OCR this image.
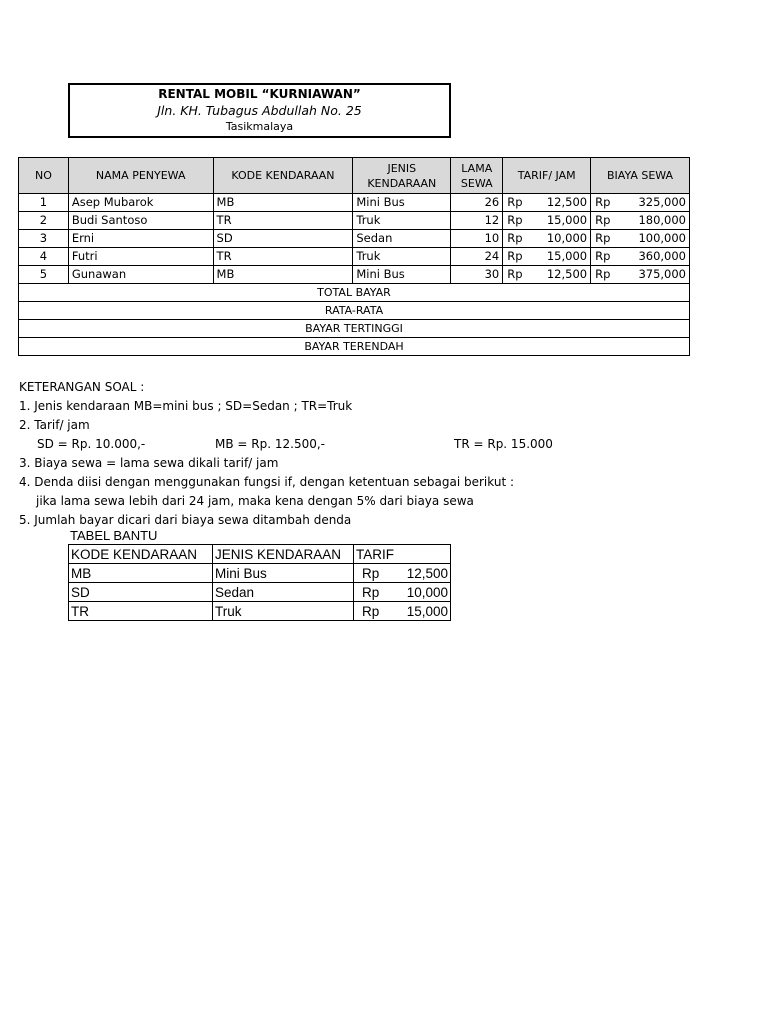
RENTAL MOBIL “KURNIAWAN”
Jln. KH. Tubagus Abdullah No. 25
Tasikmalaya
NO	NAMA PENYEWA	KODE KENDARAAN	JENIS KENDARAAN	LAMA SEWA	TARIF/ JAM	BIAYA SEWA
1	Asep Mubarok	MB	Mini Bus	26	Rp 12,500	Rp 325,000

2	Budi Santoso	TR	Truk	12	Rp 15,000	Rp 180,000

3	Erni	SD	Sedan	10	Rp 10,000	Rp 100,000

4	Futri	TR	Truk	24	Rp 15,000	Rp 360,000

5	Gunawan	MB	Mini Bus	30	Rp 12,500	Rp 375,000

TOTAL BAYAR						
RATA-RATA						
BAYAR TERTINGGI						
BAYAR TERENDAH						
KETERANGAN SOAL :
1. Jenis kendaraan MB=mini bus ; SD=Sedan ; TR=Truk
2. Tarif/ jam
SD = Rp. 10.000,-	MB = Rp. 12.500,-	TR = Rp. 15.000
3. Biaya sewa = lama sewa dikali tarif/ jam
4. Denda diisi dengan menggunakan fungsi if, dengan ketentuan sebagai berikut :
jika lama sewa lebih dari 24 jam, maka kena dengan 5% dari biaya sewa
5. Jumlah bayar dicari dari biaya sewa ditambah denda
TABEL BANTU
KODE KENDARAAN	JENIS KENDARAAN	TARIF
MB	Mini Bus	Rp 12,500

SD	Sedan	Rp 10,000

TR	Truk	Rp 15,000
